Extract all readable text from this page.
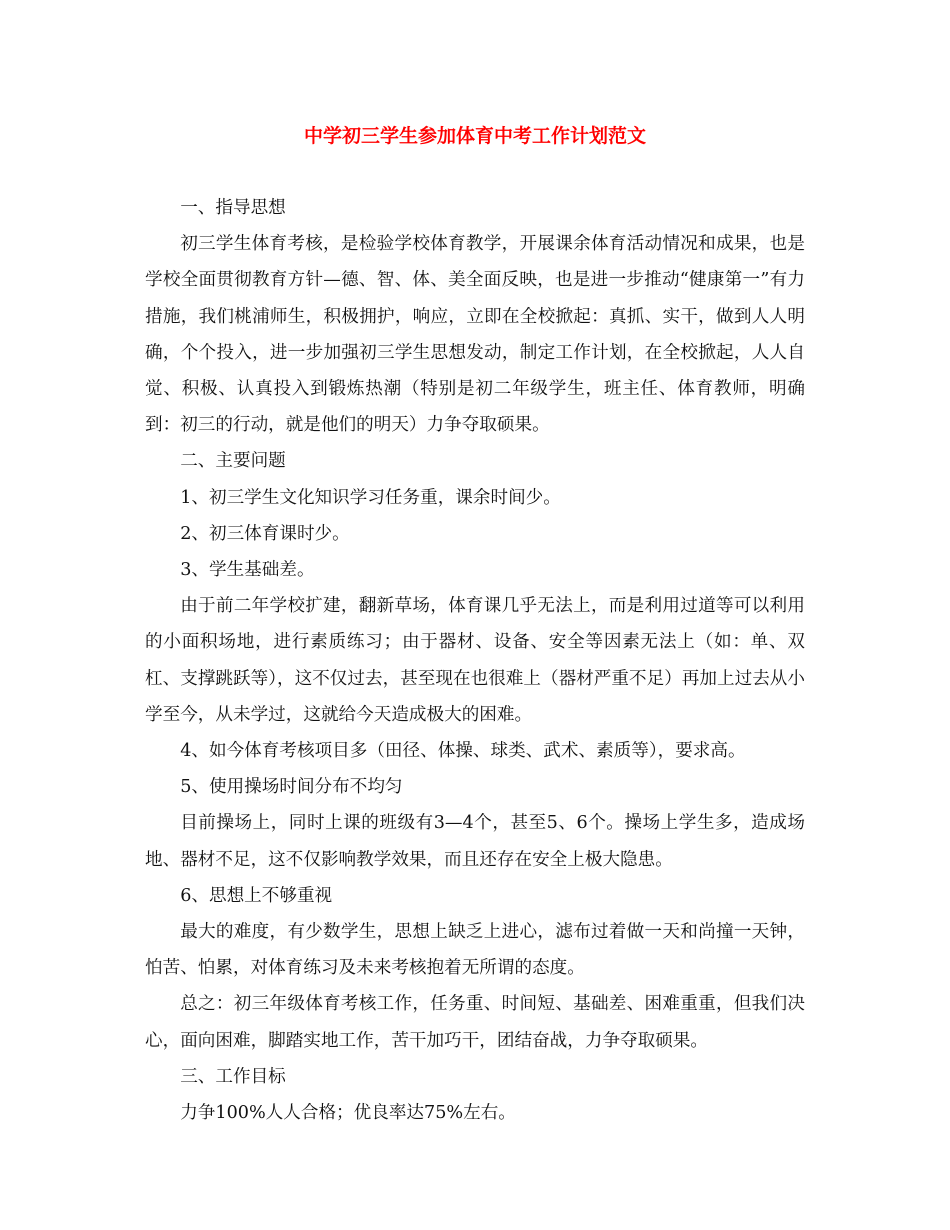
中学初三学生参加体育中考工作计划范文

一、指导思想

初三学生体育考核，是检验学校体育教学，开展课余体育活动情况和成果，也是学校全面贯彻教育方针—德、智、体、美全面反映，也是进一步推动“健康第一”有力措施，我们桃浦师生，积极拥护，响应，立即在全校掀起：真抓、实干，做到人人明确，个个投入，进一步加强初三学生思想发动，制定工作计划，在全校掀起，人人自觉、积极、认真投入到锻炼热潮（特别是初二年级学生，班主任、体育教师，明确到：初三的行动，就是他们的明天）力争夺取硕果。

二、主要问题

1、初三学生文化知识学习任务重，课余时间少。

2、初三体育课时少。

3、学生基础差。

由于前二年学校扩建，翻新草场，体育课几乎无法上，而是利用过道等可以利用的小面积场地，进行素质练习；由于器材、设备、安全等因素无法上（如：单、双杠、支撑跳跃等），这不仅过去，甚至现在也很难上（器材严重不足）再加上过去从小学至今，从未学过，这就给今天造成极大的困难。

4、如今体育考核项目多（田径、体操、球类、武术、素质等），要求高。

5、使用操场时间分布不均匀

目前操场上，同时上课的班级有3—4个，甚至5、6个。操场上学生多，造成场地、器材不足，这不仅影响教学效果，而且还存在安全上极大隐患。

6、思想上不够重视

最大的难度，有少数学生，思想上缺乏上进心，滤布过着做一天和尚撞一天钟，怕苦、怕累，对体育练习及未来考核抱着无所谓的态度。

总之：初三年级体育考核工作，任务重、时间短、基础差、困难重重，但我们决心，面向困难，脚踏实地工作，苦干加巧干，团结奋战，力争夺取硕果。

三、工作目标

力争100%人人合格；优良率达75%左右。
